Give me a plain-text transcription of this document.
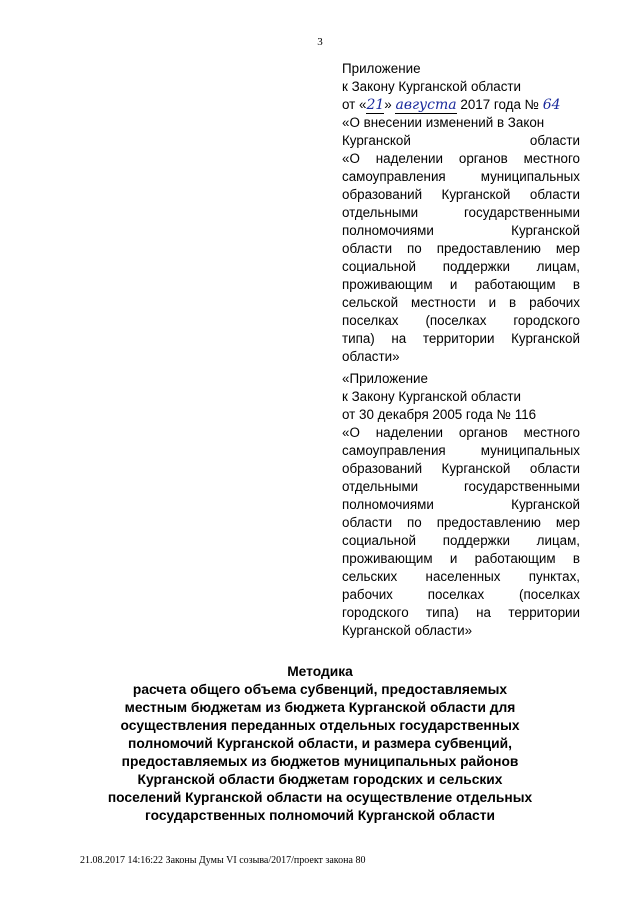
3
Приложение
к Закону Курганской области
от «21» августа 2017 года № 64
«О внесении изменений в Закон
Курганской области
«О наделении органов местного
самоуправления муниципальных
образований Курганской области
отдельными государственными
полномочиями Курганской
области по предоставлению мер
социальной поддержки лицам,
проживающим и работающим в
сельской местности и в рабочих
поселках (поселках городского
типа) на территории Курганской
области»
«Приложение
к Закону Курганской области
от 30 декабря 2005 года № 116
«О наделении органов местного
самоуправления муниципальных
образований Курганской области
отдельными государственными
полномочиями Курганской
области по предоставлению мер
социальной поддержки лицам,
проживающим и работающим в
сельских населенных пунктах,
рабочих поселках (поселках
городского типа) на территории
Курганской области»
Методика
расчета общего объема субвенций, предоставляемых
местным бюджетам из бюджета Курганской области для
осуществления переданных отдельных государственных
полномочий Курганской области, и размера субвенций,
предоставляемых из бюджетов муниципальных районов
Курганской области бюджетам городских и сельских
поселений Курганской области на осуществление отдельных
государственных полномочий Курганской области
21.08.2017 14:16:22 Законы Думы VI созыва/2017/проект закона 80
